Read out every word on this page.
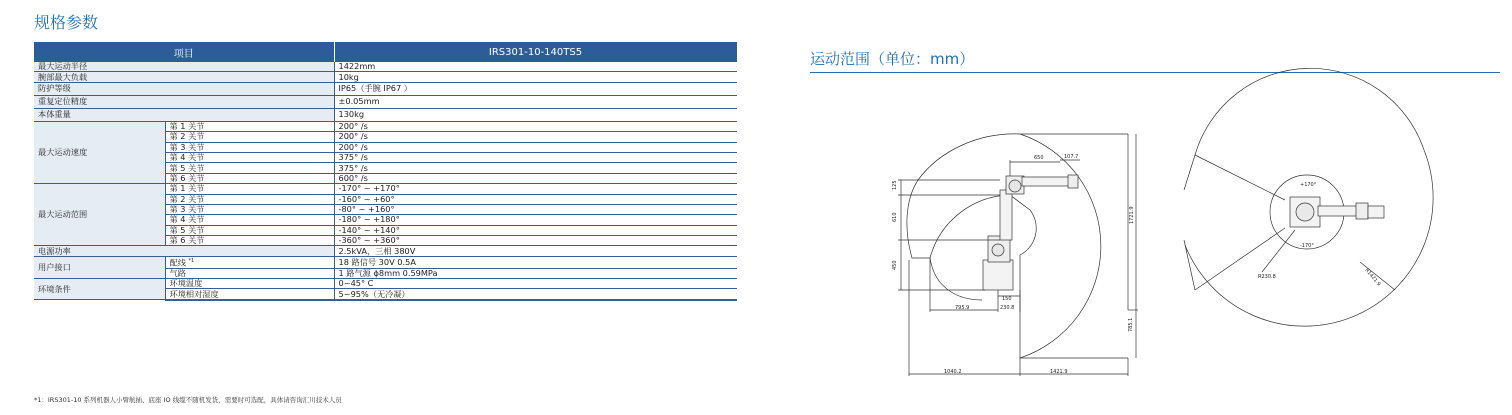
规格参数
项目		IRS301-10-140TS5
最大运动半径		1422mm
腕部最大负载		10kg
防护等级		IP65（手腕 IP67 ）
重复定位精度		±0.05mm
本体重量		130kg
最大运动速度	第 1 关节	200° /s
	第 2 关节	200° /s
	第 3 关节	200° /s
	第 4 关节	375° /s
	第 5 关节	375° /s
	第 6 关节	600° /s
最大运动范围	第 1 关节	-170° ~ +170°
	第 2 关节	-160° ~ +60°
	第 3 关节	-80° ~ +160°
	第 4 关节	-180° ~ +180°
	第 5 关节	-140° ~ +140°
	第 6 关节	-360° ~ +360°
电源功率		2.5kVA，三相 380V
用户接口	配线 $^{*1}$	18 路信号 30V 0.5A
	气路	1 路气源 ϕ8mm 0.59MPa
环境条件	环境温度	0~45° C
	环境相对湿度	5~95%（无冷凝）
*1：IRS301-10 系列机器人小臂航插、底座 IO 线缆不随机发货，需要时可选配，具体请咨询汇川技术人员
运动范围（单位：mm）
650	107.7
125
610
450
1721.9
795.9
150
230.8
785.1
1040.2	1421.9
+170°
-170°
R230.8	R1421.9
